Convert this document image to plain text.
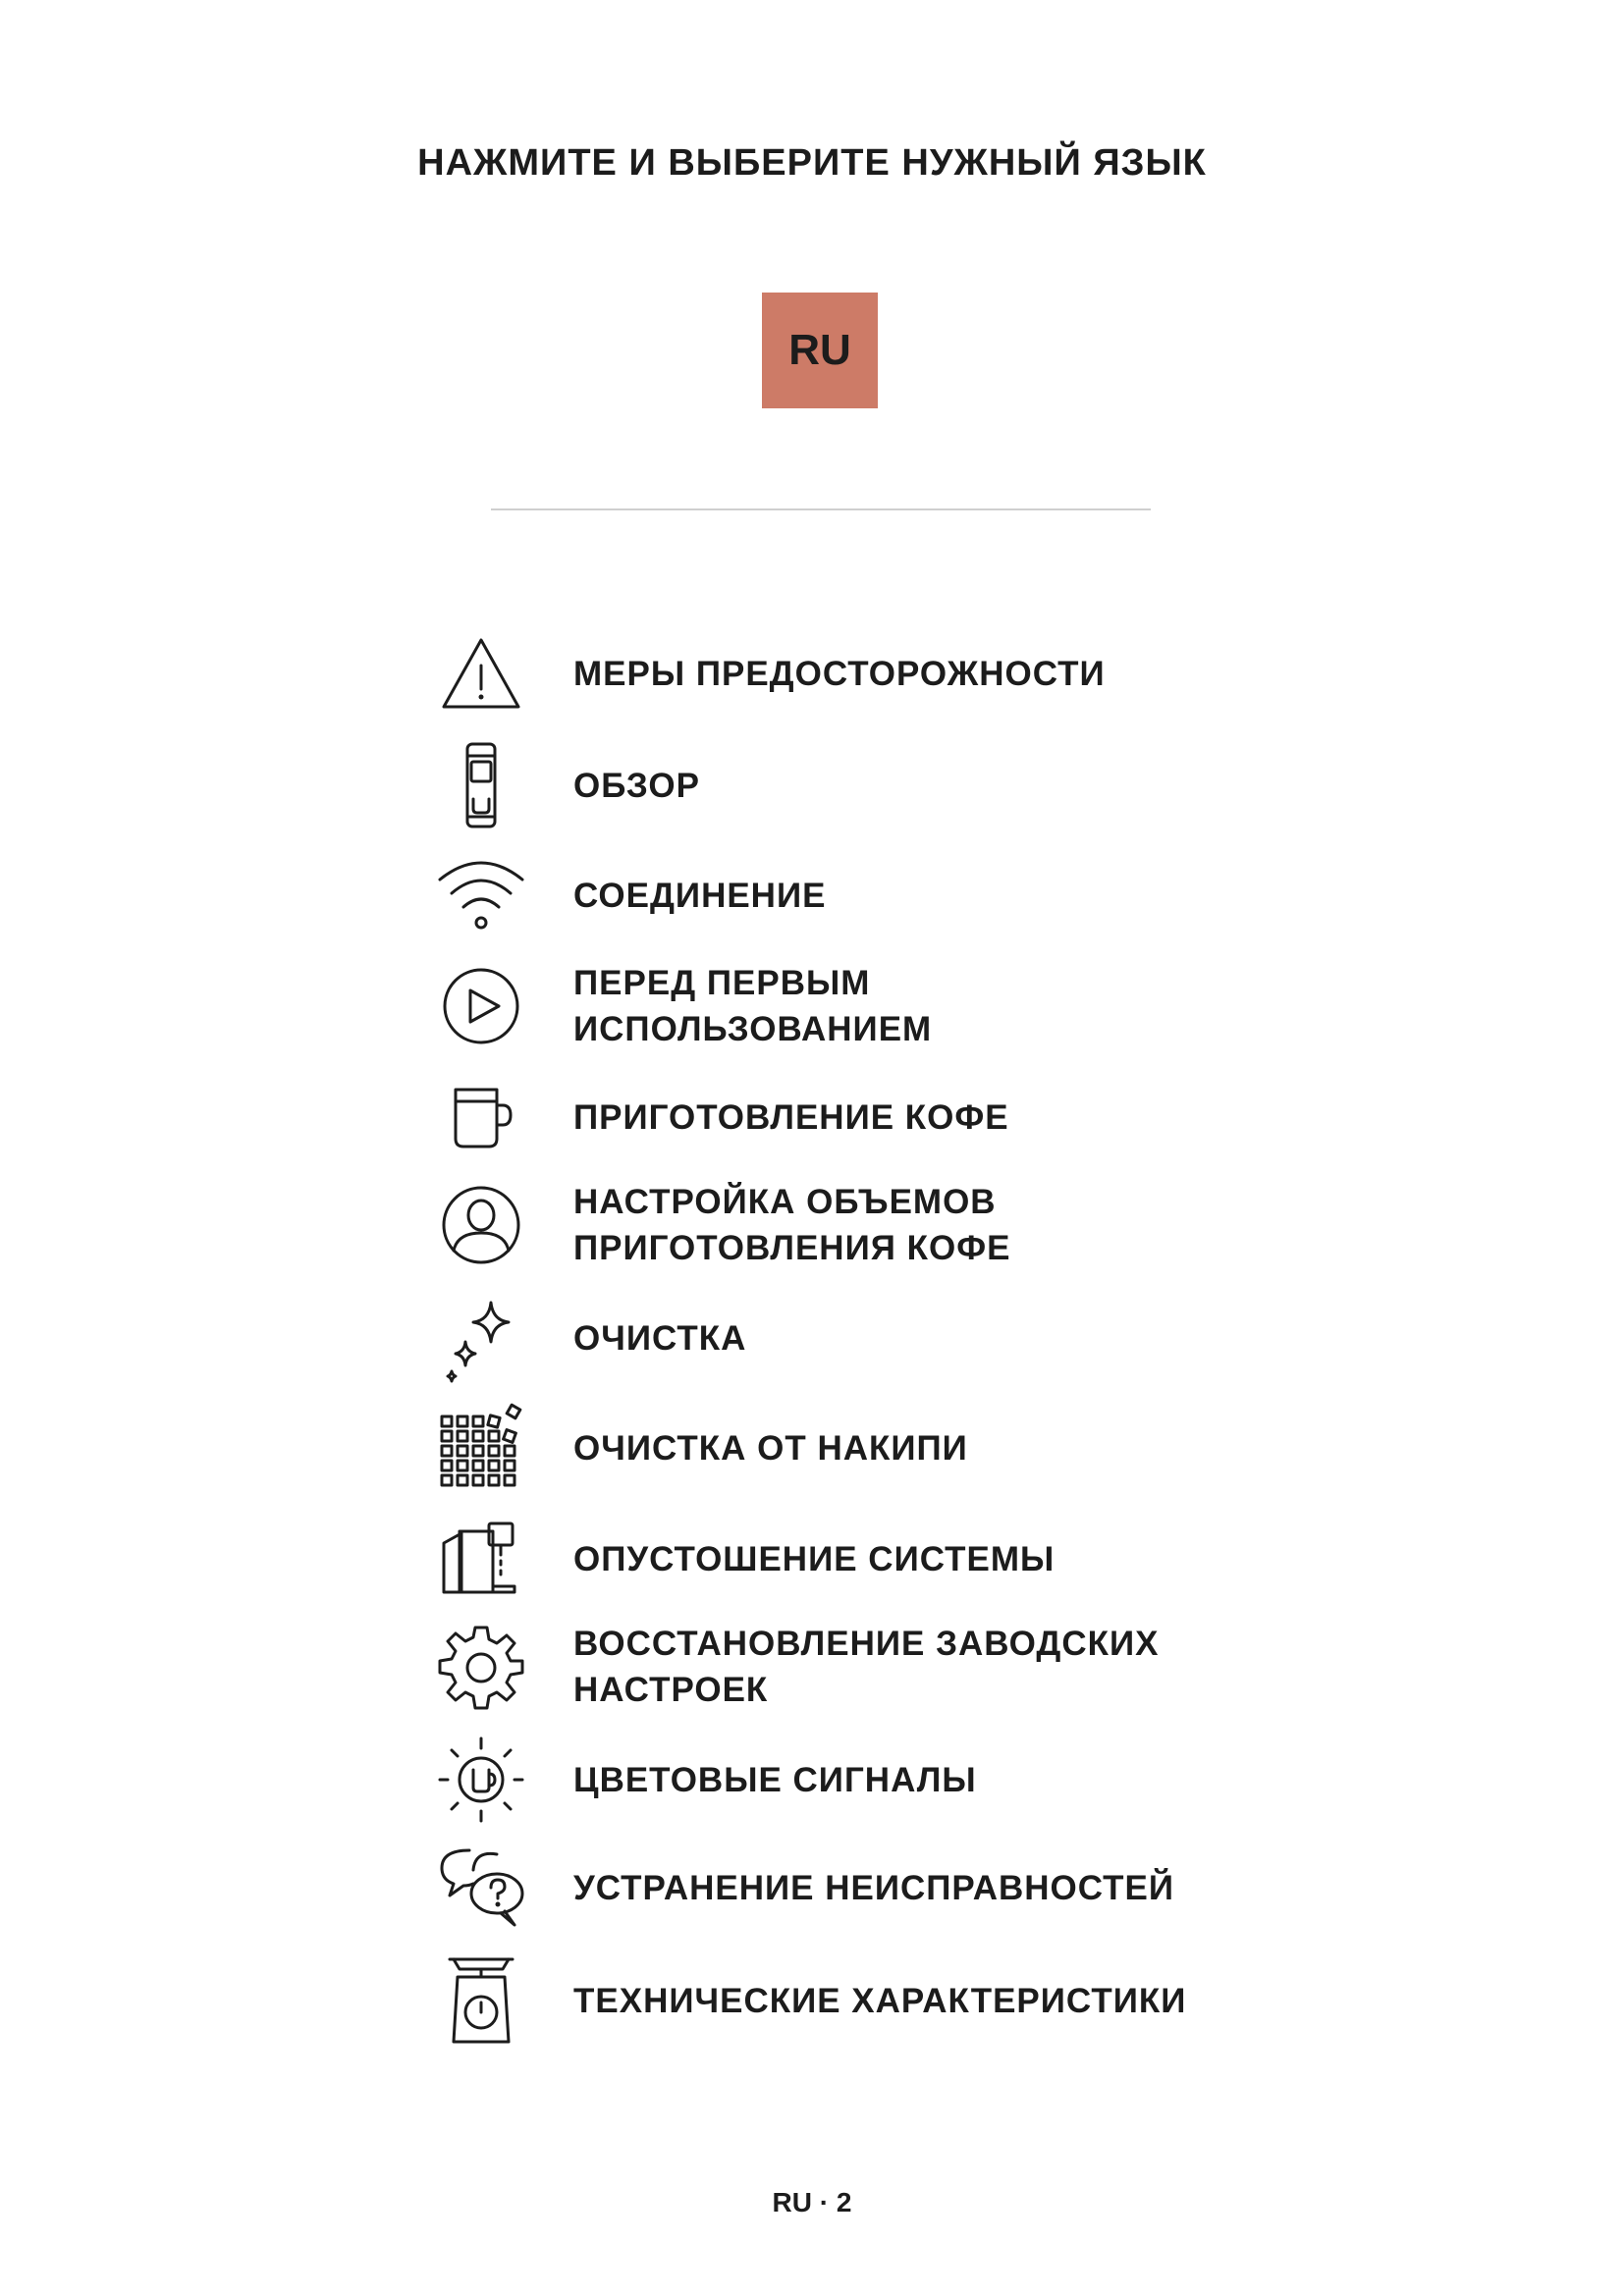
НАЖМИТЕ И ВЫБЕРИТЕ НУЖНЫЙ ЯЗЫК
RU
МЕРЫ ПРЕДОСТОРОЖНОСТИ
ОБЗОР
СОЕДИНЕНИЕ
ПЕРЕД ПЕРВЫМ ИСПОЛЬЗОВАНИЕМ
ПРИГОТОВЛЕНИЕ КОФЕ
НАСТРОЙКА ОБЪЕМОВ
ПРИГОТОВЛЕНИЯ КОФЕ
ОЧИСТКА
ОЧИСТКА ОТ НАКИПИ
ОПУСТОШЕНИЕ СИСТЕМЫ
ВОССТАНОВЛЕНИЕ ЗАВОДСКИХ
НАСТРОЕК
ЦВЕТОВЫЕ СИГНАЛЫ
УСТРАНЕНИЕ НЕИСПРАВНОСТЕЙ
ТЕХНИЧЕСКИЕ ХАРАКТЕРИСТИКИ
RU · 2
